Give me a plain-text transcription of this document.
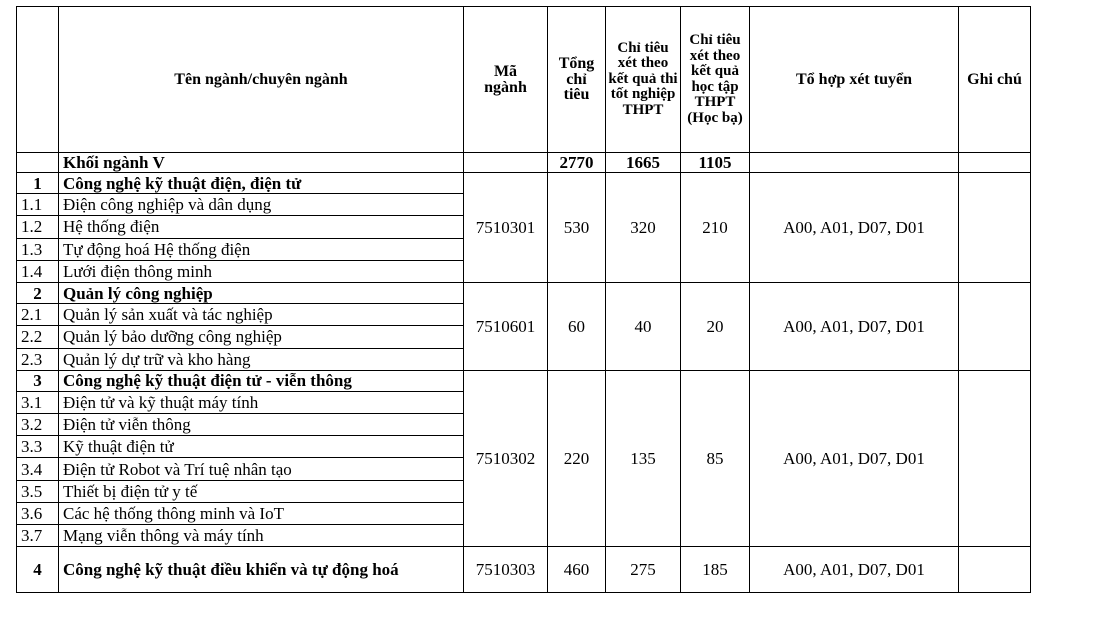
	Tên ngành/chuyên ngành	Mã ngành	Tổng chỉ tiêu	Chỉ tiêu xét theo kết quả thi tốt nghiệp THPT	Chỉ tiêu xét theo kết quả học tập THPT (Học bạ)	Tổ hợp xét tuyển	Ghi chú
	Khối ngành V		2770	1665	1105		
1	Công nghệ kỹ thuật điện, điện tử	7510301	530	320	210	A00, A01, D07, D01	
1.1	Điện công nghiệp và dân dụng						
1.2	Hệ thống điện						
1.3	Tự động hoá Hệ thống điện						
1.4	Lưới điện thông minh						
2	Quản lý công nghiệp	7510601	60	40	20	A00, A01, D07, D01	
2.1	Quản lý sản xuất và tác nghiệp						
2.2	Quản lý bảo dưỡng công nghiệp						
2.3	Quản lý dự trữ và kho hàng						
3	Công nghệ kỹ thuật điện tử - viễn thông	7510302	220	135	85	A00, A01, D07, D01	
3.1	Điện tử và kỹ thuật máy tính						
3.2	Điện tử viễn thông						
3.3	Kỹ thuật điện tử						
3.4	Điện tử Robot và Trí tuệ nhân tạo						
3.5	Thiết bị điện tử y tế						
3.6	Các hệ thống thông minh và IoT						
3.7	Mạng viễn thông và máy tính						
4	Công nghệ kỹ thuật điều khiển và tự động hoá	7510303	460	275	185	A00, A01, D07, D01	
